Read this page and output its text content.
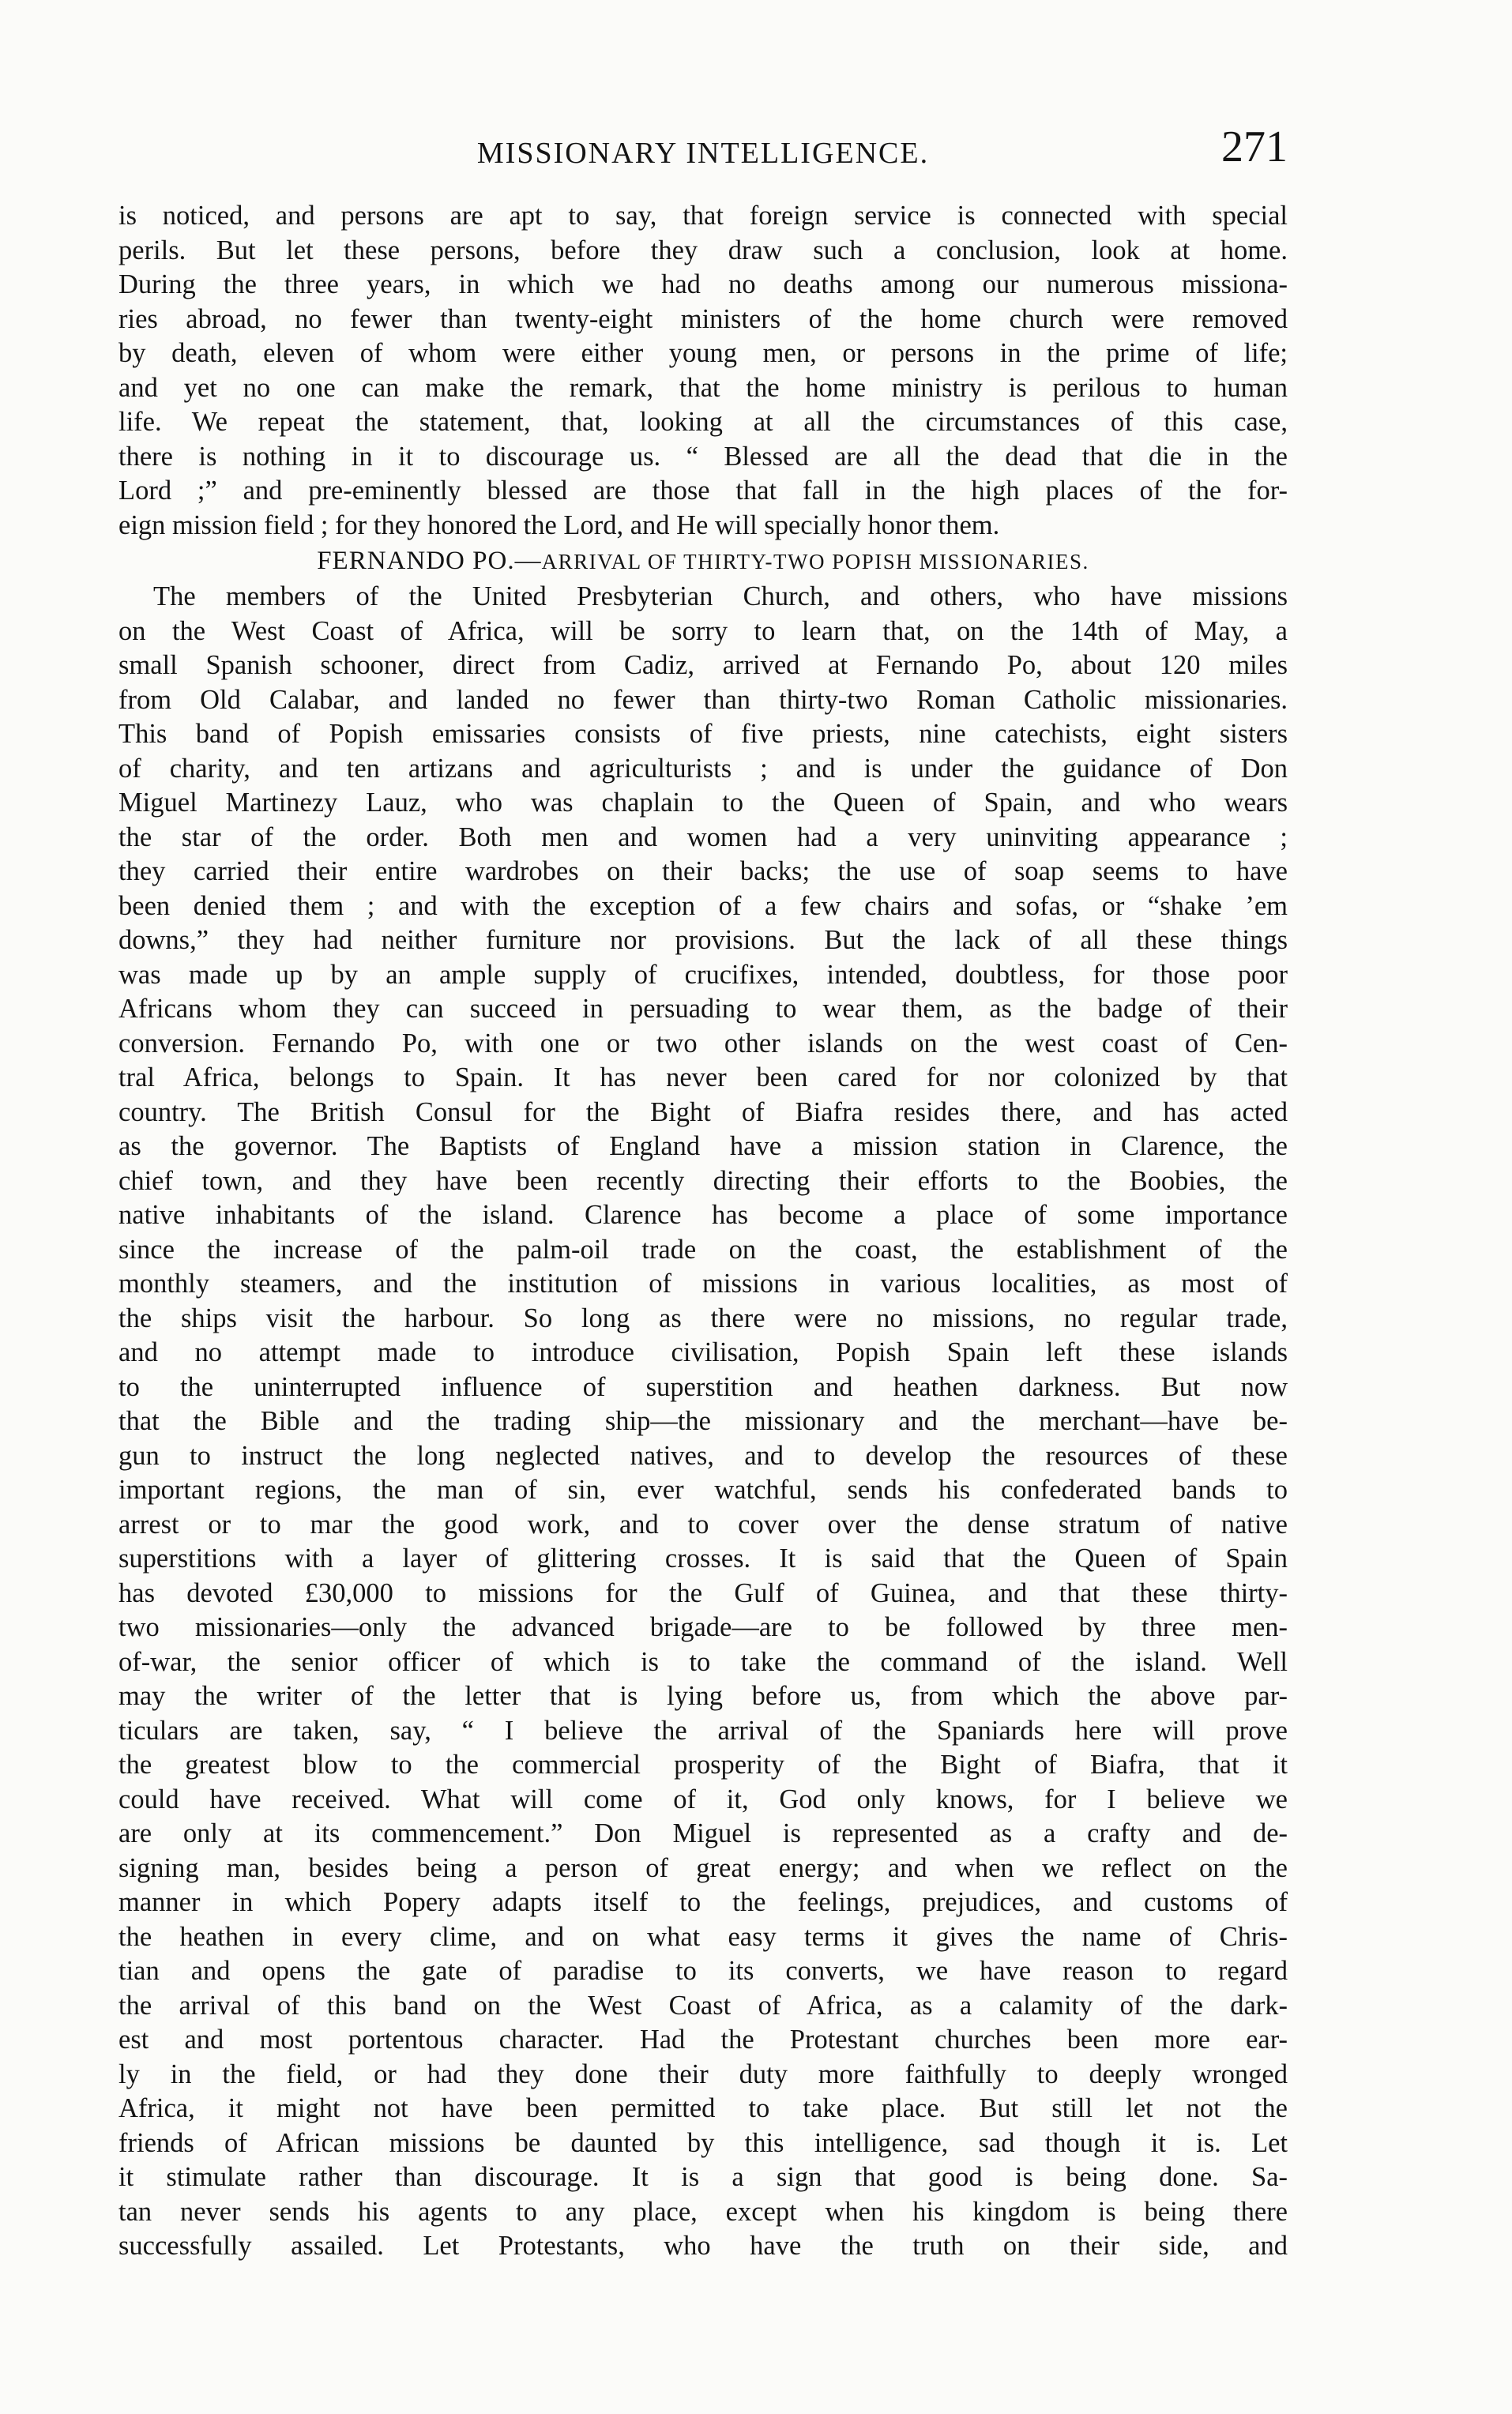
MISSIONARY INTELLIGENCE.	271
is noticed, and persons are apt to say, that foreign service is connected with special
perils. But let these persons, before they draw such a conclusion, look at home.
During the three years, in which we had no deaths among our numerous missiona-
ries abroad, no fewer than twenty-eight ministers of the home church were removed
by death, eleven of whom were either young men, or persons in the prime of life;
and yet no one can make the remark, that the home ministry is perilous to human
life. We repeat the statement, that, looking at all the circumstances of this case,
there is nothing in it to discourage us. “ Blessed are all the dead that die in the
Lord ;” and pre-eminently blessed are those that fall in the high places of the for-
eign mission field ; for they honored the Lord, and He will specially honor them.
FERNANDO PO.—ARRIVAL OF THIRTY-TWO POPISH MISSIONARIES.
The members of the United Presbyterian Church, and others, who have missions
on the West Coast of Africa, will be sorry to learn that, on the 14th of May, a
small Spanish schooner, direct from Cadiz, arrived at Fernando Po, about 120 miles
from Old Calabar, and landed no fewer than thirty-two Roman Catholic missionaries.
This band of Popish emissaries consists of five priests, nine catechists, eight sisters
of charity, and ten artizans and agriculturists ; and is under the guidance of Don
Miguel Martinezy Lauz, who was chaplain to the Queen of Spain, and who wears
the star of the order. Both men and women had a very uninviting appearance ;
they carried their entire wardrobes on their backs; the use of soap seems to have
been denied them ; and with the exception of a few chairs and sofas, or “shake ’em
downs,” they had neither furniture nor provisions. But the lack of all these things
was made up by an ample supply of crucifixes, intended, doubtless, for those poor
Africans whom they can succeed in persuading to wear them, as the badge of their
conversion. Fernando Po, with one or two other islands on the west coast of Cen-
tral Africa, belongs to Spain. It has never been cared for nor colonized by that
country. The British Consul for the Bight of Biafra resides there, and has acted
as the governor. The Baptists of England have a mission station in Clarence, the
chief town, and they have been recently directing their efforts to the Boobies, the
native inhabitants of the island. Clarence has become a place of some importance
since the increase of the palm-oil trade on the coast, the establishment of the
monthly steamers, and the institution of missions in various localities, as most of
the ships visit the harbour. So long as there were no missions, no regular trade,
and no attempt made to introduce civilisation, Popish Spain left these islands
to the uninterrupted influence of superstition and heathen darkness. But now
that the Bible and the trading ship—the missionary and the merchant—have be-
gun to instruct the long neglected natives, and to develop the resources of these
important regions, the man of sin, ever watchful, sends his confederated bands to
arrest or to mar the good work, and to cover over the dense stratum of native
superstitions with a layer of glittering crosses. It is said that the Queen of Spain
has devoted £30,000 to missions for the Gulf of Guinea, and that these thirty-
two missionaries—only the advanced brigade—are to be followed by three men-
of-war, the senior officer of which is to take the command of the island. Well
may the writer of the letter that is lying before us, from which the above par-
ticulars are taken, say, “ I believe the arrival of the Spaniards here will prove
the greatest blow to the commercial prosperity of the Bight of Biafra, that it
could have received. What will come of it, God only knows, for I believe we
are only at its commencement.” Don Miguel is represented as a crafty and de-
signing man, besides being a person of great energy; and when we reflect on the
manner in which Popery adapts itself to the feelings, prejudices, and customs of
the heathen in every clime, and on what easy terms it gives the name of Chris-
tian and opens the gate of paradise to its converts, we have reason to regard
the arrival of this band on the West Coast of Africa, as a calamity of the dark-
est and most portentous character. Had the Protestant churches been more ear-
ly in the field, or had they done their duty more faithfully to deeply wronged
Africa, it might not have been permitted to take place. But still let not the
friends of African missions be daunted by this intelligence, sad though it is. Let
it stimulate rather than discourage. It is a sign that good is being done. Sa-
tan never sends his agents to any place, except when his kingdom is being there
successfully assailed. Let Protestants, who have the truth on their side, and
